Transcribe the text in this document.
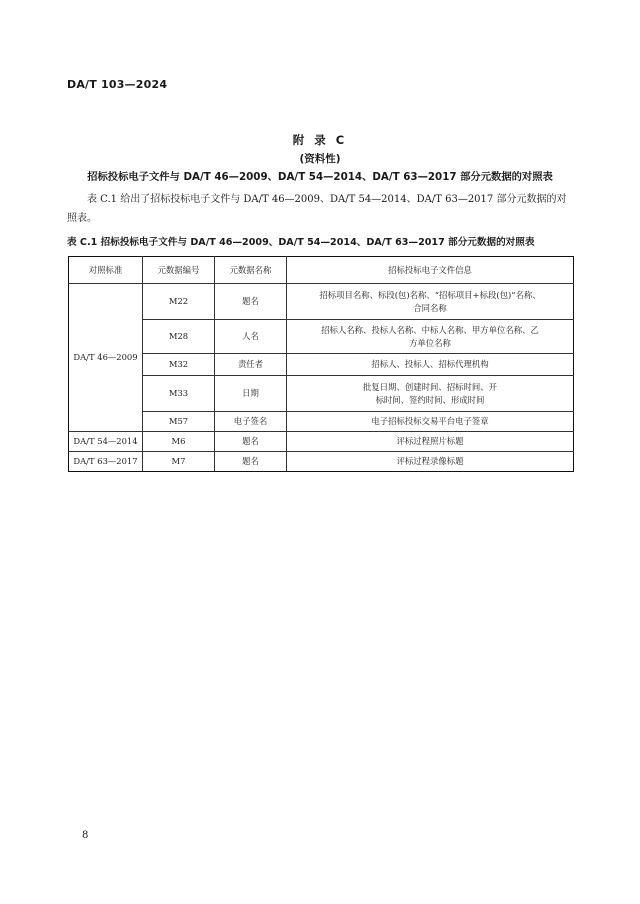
DA/T 103—2024
附 录 C
(资料性)
招标投标电子文件与 DA/T 46—2009、DA/T 54—2014、DA/T 63—2017 部分元数据的对照表
表 C.1 给出了招标投标电子文件与 DA/T 46—2009、DA/T 54—2014、DA/T 63—2017 部分元数据的对照表。
表 C.1 招标投标电子文件与 DA/T 46—2009、DA/T 54—2014、DA/T 63—2017 部分元数据的对照表
对照标准	元数据编号	元数据名称	招标投标电子文件信息
DA/T 46—2009	M22	题名	招标项目名称、标段(包)名称、“招标项目+标段(包)”名称、合同名称
	M28	人名	招标人名称、投标人名称、中标人名称、甲方单位名称、乙方单位名称
	M32	责任者	招标人、投标人、招标代理机构
	M33	日期	批复日期、创建时间、招标时间、开标时间、签约时间、形成时间
	M57	电子签名	电子招标投标交易平台电子签章
DA/T 54—2014	M6	题名	评标过程照片标题
DA/T 63—2017	M7	题名	评标过程录像标题
8
